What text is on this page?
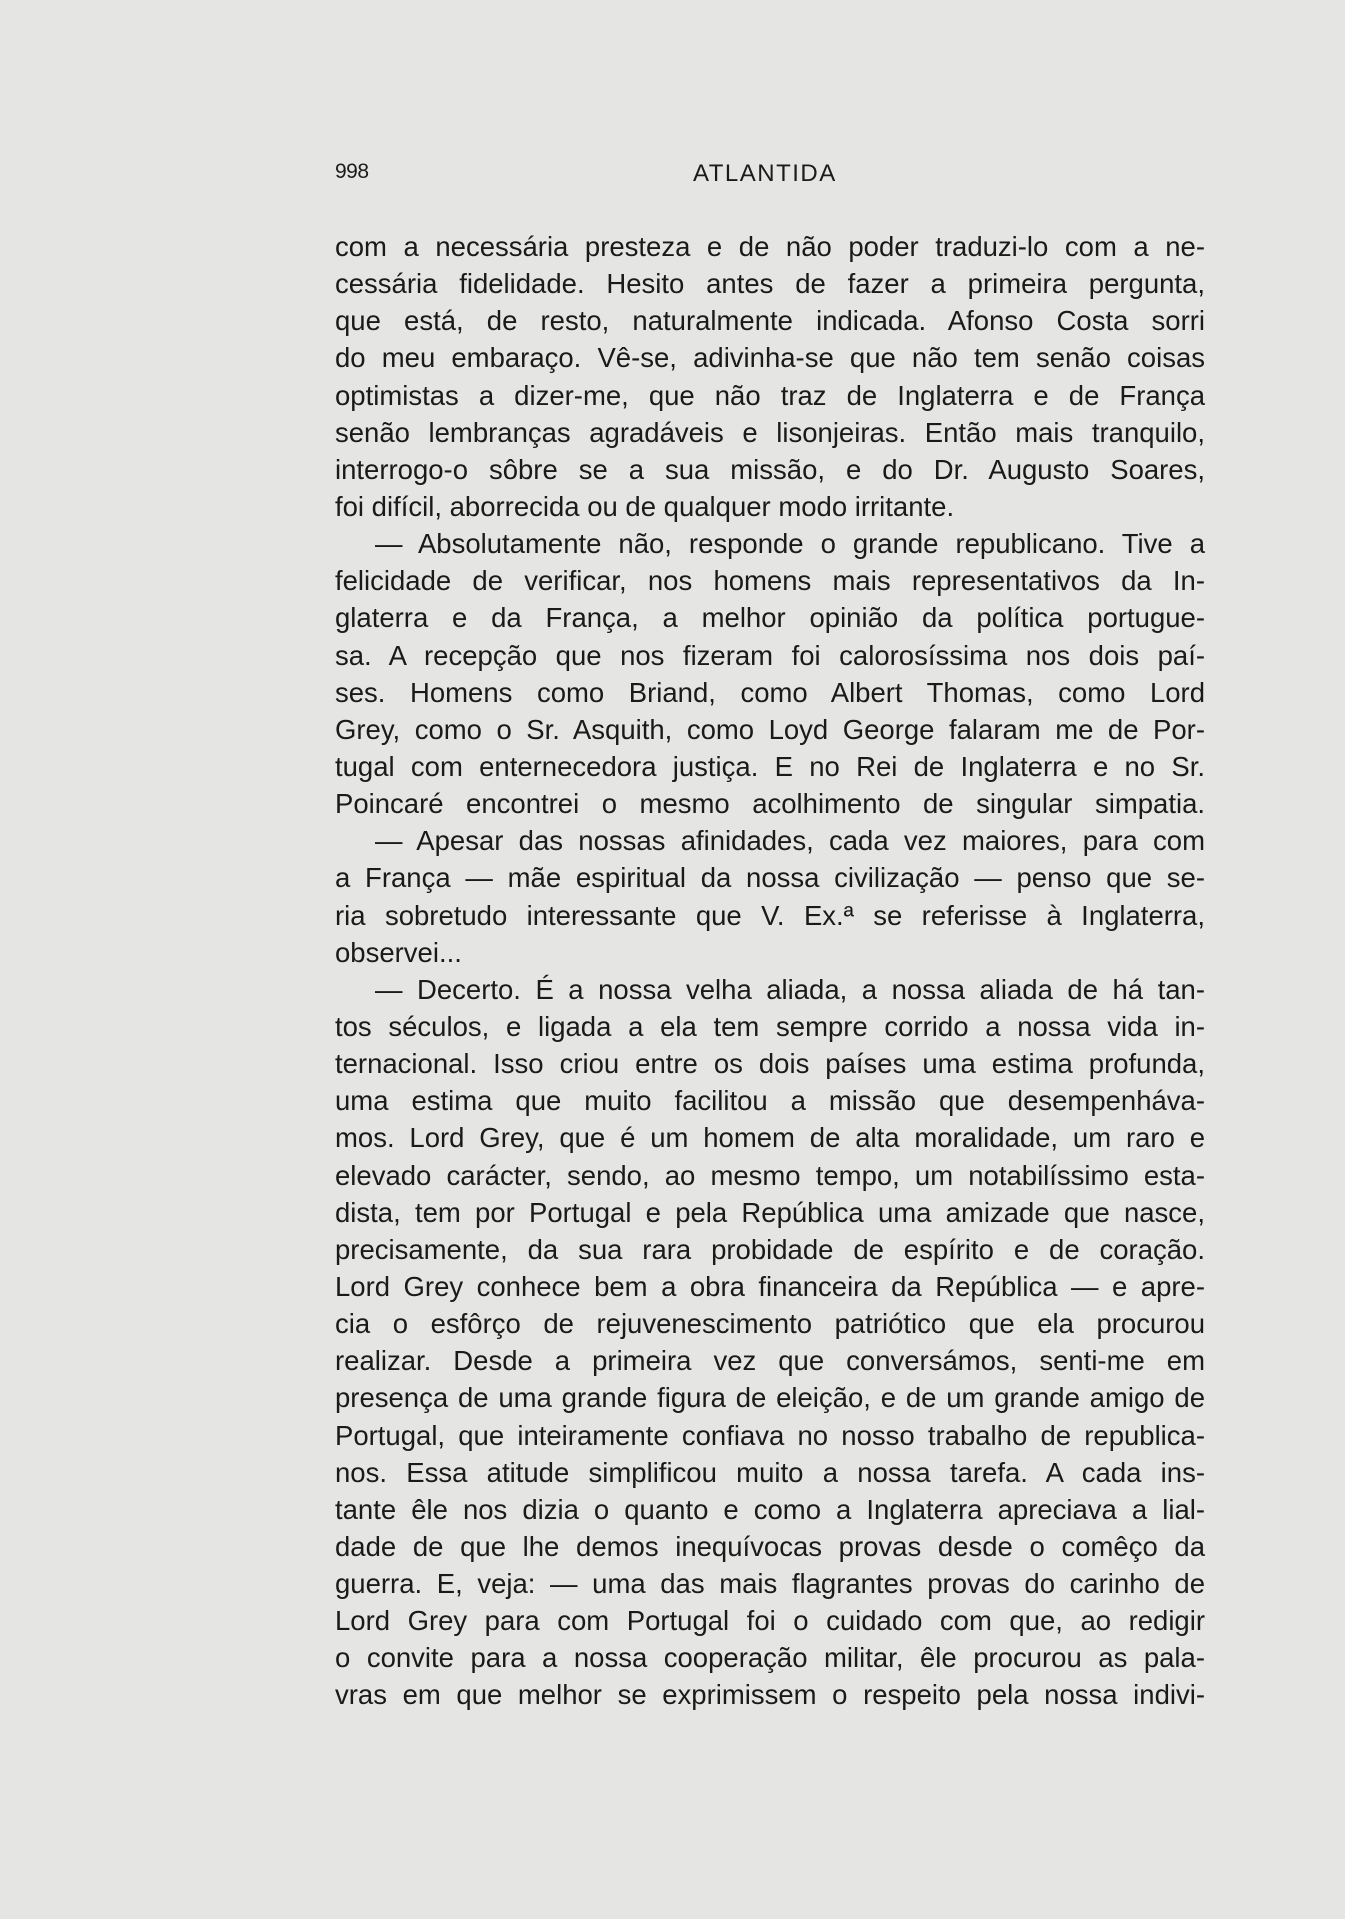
998	ATLANTIDA
com a necessária presteza e de não poder traduzi-lo com a ne-
cessária fidelidade. Hesito antes de fazer a primeira pergunta,
que está, de resto, naturalmente indicada. Afonso Costa sorri
do meu embaraço. Vê-se, adivinha-se que não tem senão coisas
optimistas a dizer-me, que não traz de Inglaterra e de França
senão lembranças agradáveis e lisonjeiras. Então mais tranquilo,
interrogo-o sôbre se a sua missão, e do Dr. Augusto Soares,
foi difícil, aborrecida ou de qualquer modo irritante.
— Absolutamente não, responde o grande republicano. Tive a
felicidade de verificar, nos homens mais representativos da In-
glaterra e da França, a melhor opinião da política portugue-
sa. A recepção que nos fizeram foi calorosíssima nos dois paí-
ses. Homens como Briand, como Albert Thomas, como Lord
Grey, como o Sr. Asquith, como Loyd George falaram me de Por-
tugal com enternecedora justiça. E no Rei de Inglaterra e no Sr.
Poincaré encontrei o mesmo acolhimento de singular simpatia.
— Apesar das nossas afinidades, cada vez maiores, para com
a França — mãe espiritual da nossa civilização — penso que se-
ria sobretudo interessante que V. Ex.ª se referisse à Inglaterra,
observei...
— Decerto. É a nossa velha aliada, a nossa aliada de há tan-
tos séculos, e ligada a ela tem sempre corrido a nossa vida in-
ternacional. Isso criou entre os dois países uma estima profunda,
uma estima que muito facilitou a missão que desempenháva-
mos. Lord Grey, que é um homem de alta moralidade, um raro e
elevado carácter, sendo, ao mesmo tempo, um notabilíssimo esta-
dista, tem por Portugal e pela República uma amizade que nasce,
precisamente, da sua rara probidade de espírito e de coração.
Lord Grey conhece bem a obra financeira da República — e apre-
cia o esfôrço de rejuvenescimento patriótico que ela procurou
realizar. Desde a primeira vez que conversámos, senti-me em
presença de uma grande figura de eleição, e de um grande amigo de
Portugal, que inteiramente confiava no nosso trabalho de republica-
nos. Essa atitude simplificou muito a nossa tarefa. A cada ins-
tante êle nos dizia o quanto e como a Inglaterra apreciava a lial-
dade de que lhe demos inequívocas provas desde o comêço da
guerra. E, veja: — uma das mais flagrantes provas do carinho de
Lord Grey para com Portugal foi o cuidado com que, ao redigir
o convite para a nossa cooperação militar, êle procurou as pala-
vras em que melhor se exprimissem o respeito pela nossa indivi-
